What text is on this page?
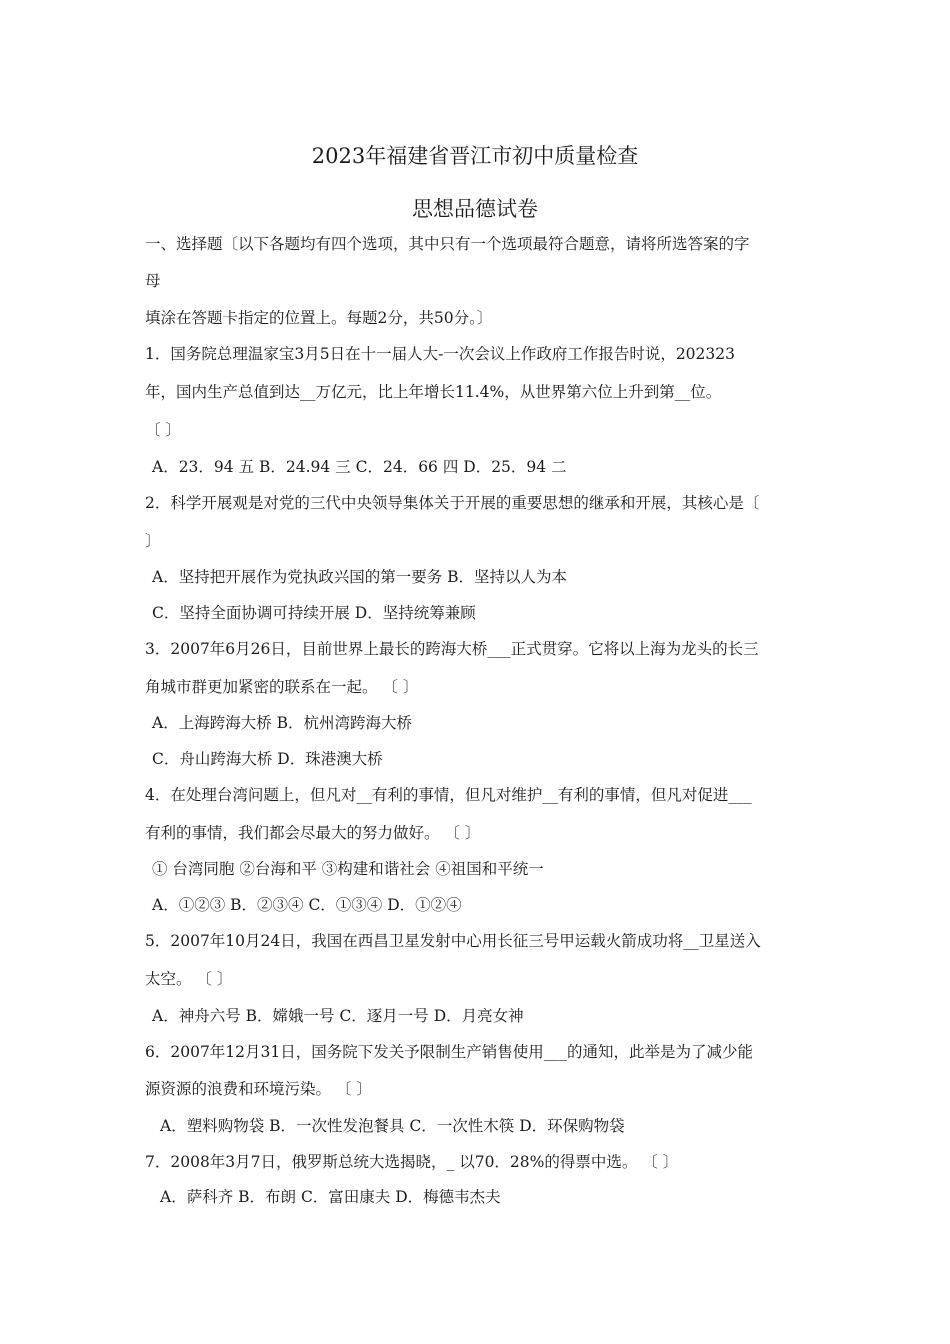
2023年福建省晋江市初中质量检查
思想品德试卷
一、选择题〔以下各题均有四个选项，其中只有一个选项最符合题意，请将所选答案的字
母
填涂在答题卡指定的位置上。每题2分，共50分。〕
1．国务院总理温家宝3月5日在十一届人大-一次会议上作政府工作报告时说，202323
年，国内生产总值到达__万亿元，比上年增长11.4%，从世界第六位上升到第__位。
〔 〕
A．23．94 五 B．24.94 三 C．24．66 四 D．25．94 二
2．科学开展观是对党的三代中央领导集体关于开展的重要思想的继承和开展，其核心是〔
〕
A．坚持把开展作为党执政兴国的第一要务 B．坚持以人为本
C．坚持全面协调可持续开展 D．坚持统筹兼顾
3．2007年6月26日，目前世界上最长的跨海大桥___正式贯穿。它将以上海为龙头的长三
角城市群更加紧密的联系在一起。 〔 〕
A．上海跨海大桥 B．杭州湾跨海大桥
C．舟山跨海大桥 D．珠港澳大桥
4．在处理台湾问题上，但凡对__有利的事情，但凡对维护__有利的事情，但凡对促进___
有利的事情，我们都会尽最大的努力做好。 〔 〕
① 台湾同胞 ②台海和平 ③构建和谐社会 ④祖国和平统一
A．①②③ B．②③④ C．①③④ D．①②④
5．2007年10月24日，我国在西昌卫星发射中心用长征三号甲运载火箭成功将__卫星送入
太空。 〔 〕
A．神舟六号 B．嫦娥一号 C．逐月一号 D．月亮女神
6．2007年12月31日，国务院下发关予限制生产销售使用___的通知，此举是为了减少能
源资源的浪费和环境污染。 〔 〕
A．塑料购物袋 B．一次性发泡餐具 C．一次性木筷 D．环保购物袋
7．2008年3月7日，俄罗斯总统大选揭晓，_ 以70．28%的得票中选。 〔 〕
A．萨科齐 B．布朗 C．富田康夫 D．梅德韦杰夫
